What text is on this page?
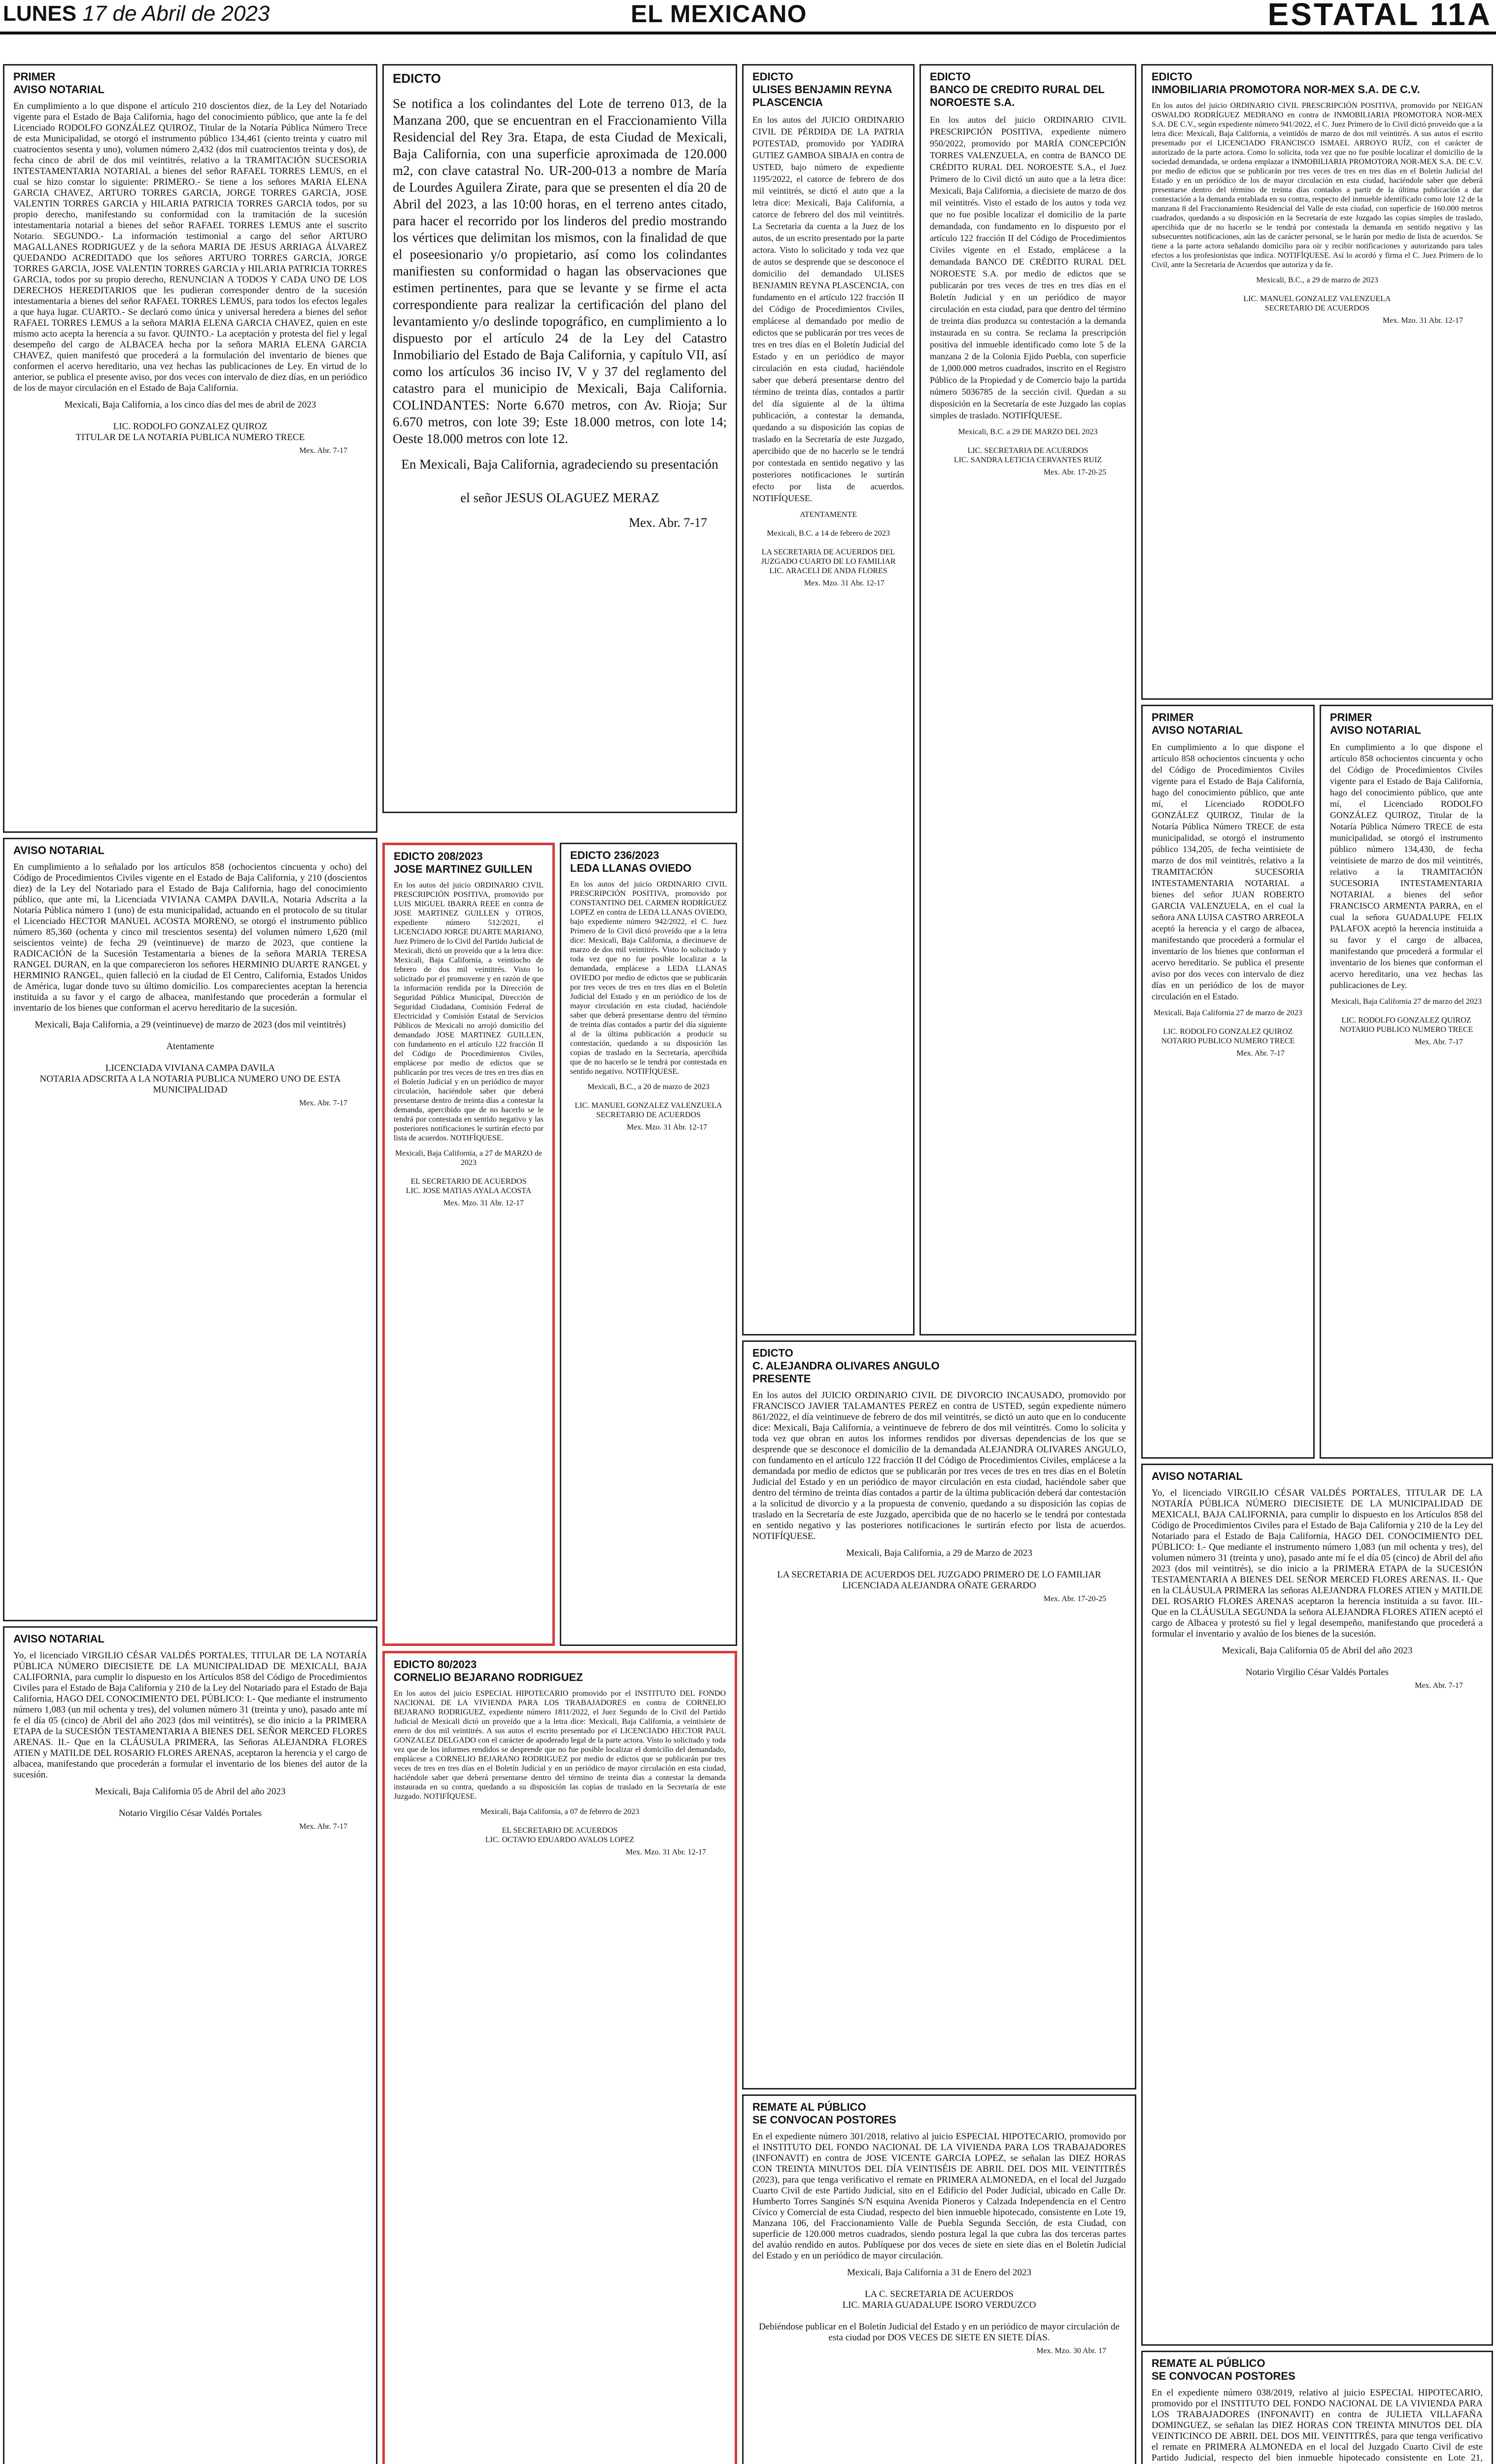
LUNES 17 de Abril de 2023	EL MEXICANO	ESTATAL 11A
PRIMER
AVISO NOTARIAL
En cumplimiento a lo que dispone el artículo 210 doscientos diez, de la Ley del Notariado vigente para el Estado de Baja California, hago del conocimiento público, que ante la fe del Licenciado RODOLFO GONZÁLEZ QUIROZ, Titular de la Notaría Pública Número Trece de esta Municipalidad, se otorgó el instrumento público 134,461 (ciento treinta y cuatro mil cuatrocientos sesenta y uno), volumen número 2,432 (dos mil cuatrocientos treinta y dos), de fecha cinco de abril de dos mil veintitrés, relativo a la TRAMITACIÓN SUCESORIA INTESTAMENTARIA NOTARIAL a bienes del señor RAFAEL TORRES LEMUS, en el cual se hizo constar lo siguiente: PRIMERO.- Se tiene a los señores MARIA ELENA GARCIA CHAVEZ, ARTURO TORRES GARCIA, JORGE TORRES GARCIA, JOSE VALENTIN TORRES GARCIA y HILARIA PATRICIA TORRES GARCIA todos, por su propio derecho, manifestando su conformidad con la tramitación de la sucesión intestamentaria notarial a bienes del señor RAFAEL TORRES LEMUS ante el suscrito Notario. SEGUNDO.- La información testimonial a cargo del señor ARTURO MAGALLANES RODRIGUEZ y de la señora MARIA DE JESUS ARRIAGA ÁLVAREZ QUEDANDO ACREDITADO que los señores ARTURO TORRES GARCIA, JORGE TORRES GARCIA, JOSE VALENTIN TORRES GARCIA y HILARIA PATRICIA TORRES GARCIA, todos por su propio derecho, RENUNCIAN A TODOS Y CADA UNO DE LOS DERECHOS HEREDITARIOS que les pudieran corresponder dentro de la sucesión intestamentaria a bienes del señor RAFAEL TORRES LEMUS, para todos los efectos legales a que haya lugar. CUARTO.- Se declaró como única y universal heredera a bienes del señor RAFAEL TORRES LEMUS a la señora MARIA ELENA GARCIA CHAVEZ, quien en este mismo acto acepta la herencia a su favor. QUINTO.- La aceptación y protesta del fiel y legal desempeño del cargo de ALBACEA hecha por la señora MARIA ELENA GARCIA CHAVEZ, quien manifestó que procederá a la formulación del inventario de bienes que conformen el acervo hereditario, una vez hechas las publicaciones de Ley. En virtud de lo anterior, se publica el presente aviso, por dos veces con intervalo de diez días, en un periódico de los de mayor circulación en el Estado de Baja California.
Mexicali, Baja California, a los cinco días del mes de abril de 2023

LIC. RODOLFO GONZALEZ QUIROZ
TITULAR DE LA NOTARIA PUBLICA NUMERO TRECE
Mex. Abr. 7-17
AVISO NOTARIAL
En cumplimiento a lo señalado por los artículos 858 (ochocientos cincuenta y ocho) del Código de Procedimientos Civiles vigente en el Estado de Baja California, y 210 (doscientos diez) de la Ley del Notariado para el Estado de Baja California, hago del conocimiento público, que ante mí, la Licenciada VIVIANA CAMPA DAVILA, Notaria Adscrita a la Notaría Pública número 1 (uno) de esta municipalidad, actuando en el protocolo de su titular el Licenciado HECTOR MANUEL ACOSTA MORENO, se otorgó el instrumento público número 85,360 (ochenta y cinco mil trescientos sesenta) del volumen número 1,620 (mil seiscientos veinte) de fecha 29 (veintinueve) de marzo de 2023, que contiene la RADICACIÓN de la Sucesión Testamentaria a bienes de la señora MARIA TERESA RANGEL DURAN, en la que comparecieron los señores HERMINIO DUARTE RANGEL y HERMINIO RANGEL, quien falleció en la ciudad de El Centro, California, Estados Unidos de América, lugar donde tuvo su último domicilio. Los comparecientes aceptan la herencia instituida a su favor y el cargo de albacea, manifestando que procederán a formular el inventario de los bienes que conforman el acervo hereditario de la sucesión.
Mexicali, Baja California, a 29 (veintinueve) de marzo de 2023 (dos mil veintitrés)

Atentamente

LICENCIADA VIVIANA CAMPA DAVILA
NOTARIA ADSCRITA A LA NOTARIA PUBLICA NUMERO UNO DE ESTA MUNICIPALIDAD
Mex. Abr. 7-17
AVISO NOTARIAL
Yo, el licenciado VIRGILIO CÉSAR VALDÉS PORTALES, TITULAR DE LA NOTARÍA PÚBLICA NÚMERO DIECISIETE DE LA MUNICIPALIDAD DE MEXICALI, BAJA CALIFORNIA, para cumplir lo dispuesto en los Artículos 858 del Código de Procedimientos Civiles para el Estado de Baja California y 210 de la Ley del Notariado para el Estado de Baja California, HAGO DEL CONOCIMIENTO DEL PÚBLICO: I.- Que mediante el instrumento número 1,083 (un mil ochenta y tres), del volumen número 31 (treinta y uno), pasado ante mí fe el día 05 (cinco) de Abril del año 2023 (dos mil veintitrés), se dio inicio a la PRIMERA ETAPA de la SUCESIÓN TESTAMENTARIA A BIENES DEL SEÑOR MERCED FLORES ARENAS. II.- Que en la CLÁUSULA PRIMERA, las Señoras ALEJANDRA FLORES ATIEN y MATILDE DEL ROSARIO FLORES ARENAS, aceptaron la herencia y el cargo de albacea, manifestando que procederán a formular el inventario de los bienes del autor de la sucesión.
Mexicali, Baja California 05 de Abril del año 2023

Notario Virgilio César Valdés Portales
Mex. Abr. 7-17
EDICTO
Se notifica a los colindantes del Lote de terreno 013, de la Manzana 200, que se encuentran en el Fraccionamiento Villa Residencial del Rey 3ra. Etapa, de esta Ciudad de Mexicali, Baja California, con una superficie aproximada de 120.000 m2, con clave catastral No. UR-200-013 a nombre de María de Lourdes Aguilera Zirate, para que se presenten el día 20 de Abril del 2023, a las 10:00 horas, en el terreno antes citado, para hacer el recorrido por los linderos del predio mostrando los vértices que delimitan los mismos, con la finalidad de que el poseesionario y/o propietario, así como los colindantes manifiesten su conformidad o hagan las observaciones que estimen pertinentes, para que se levante y se firme el acta correspondiente para realizar la certificación del plano del levantamiento y/o deslinde topográfico, en cumplimiento a lo dispuesto por el artículo 24 de la Ley del Catastro Inmobiliario del Estado de Baja California, y capítulo VII, así como los artículos 36 inciso IV, V y 37 del reglamento del catastro para el municipio de Mexicali, Baja California. COLINDANTES: Norte 6.670 metros, con Av. Rioja; Sur 6.670 metros, con lote 39; Este 18.000 metros, con lote 14; Oeste 18.000 metros con lote 12.
En Mexicali, Baja California, agradeciendo su presentación

el señor JESUS OLAGUEZ MERAZ
Mex. Abr. 7-17
EDICTO 208/2023
JOSE MARTINEZ GUILLEN
En los autos del juicio ORDINARIO CIVIL PRESCRIPCIÓN POSITIVA, promovido por LUIS MIGUEL IBARRA REEE en contra de JOSE MARTINEZ GUILLEN y OTROS, expediente número 512/2021, el LICENCIADO JORGE DUARTE MARIANO, Juez Primero de lo Civil del Partido Judicial de Mexicali, dictó un proveído que a la letra dice: Mexicali, Baja California, a veintiocho de febrero de dos mil veintitrés. Visto lo solicitado por el promovente y en razón de que la información rendida por la Dirección de Seguridad Pública Municipal, Dirección de Seguridad Ciudadana, Comisión Federal de Electricidad y Comisión Estatal de Servicios Públicos de Mexicali no arrojó domicilio del demandado JOSE MARTINEZ GUILLEN, con fundamento en el artículo 122 fracción II del Código de Procedimientos Civiles, emplácese por medio de edictos que se publicarán por tres veces de tres en tres días en el Boletín Judicial y en un periódico de mayor circulación, haciéndole saber que deberá presentarse dentro de treinta días a contestar la demanda, apercibido que de no hacerlo se le tendrá por contestada en sentido negativo y las posteriores notificaciones le surtirán efecto por lista de acuerdos. NOTIFÍQUESE.
Mexicali, Baja California, a 27 de MARZO de 2023

EL SECRETARIO DE ACUERDOS
LIC. JOSE MATIAS AYALA ACOSTA
Mex. Mzo. 31 Abr. 12-17
EDICTO 236/2023
LEDA LLANAS OVIEDO
En los autos del juicio ORDINARIO CIVIL PRESCRIPCIÓN POSITIVA, promovido por CONSTANTINO DEL CARMEN RODRÍGUEZ LOPEZ en contra de LEDA LLANAS OVIEDO, bajo expediente número 942/2022, el C. Juez Primero de lo Civil dictó proveído que a la letra dice: Mexicali, Baja California, a diecinueve de marzo de dos mil veintitrés. Visto lo solicitado y toda vez que no fue posible localizar a la demandada, emplácese a LEDA LLANAS OVIEDO por medio de edictos que se publicarán por tres veces de tres en tres días en el Boletín Judicial del Estado y en un periódico de los de mayor circulación en esta ciudad, haciéndole saber que deberá presentarse dentro del término de treinta días contados a partir del día siguiente al de la última publicación a producir su contestación, quedando a su disposición las copias de traslado en la Secretaría, apercibida que de no hacerlo se le tendrá por contestada en sentido negativo. NOTIFÍQUESE.
Mexicali, B.C., a 20 de marzo de 2023

LIC. MANUEL GONZALEZ VALENZUELA
SECRETARIO DE ACUERDOS
Mex. Mzo. 31 Abr. 12-17
EDICTO 80/2023
CORNELIO BEJARANO RODRIGUEZ
En los autos del juicio ESPECIAL HIPOTECARIO promovido por el INSTITUTO DEL FONDO NACIONAL DE LA VIVIENDA PARA LOS TRABAJADORES en contra de CORNELIO BEJARANO RODRIGUEZ, expediente número 1811/2022, el Juez Segundo de lo Civil del Partido Judicial de Mexicali dictó un proveído que a la letra dice: Mexicali, Baja California, a veintisiete de enero de dos mil veintitrés. A sus autos el escrito presentado por el LICENCIADO HECTOR PAUL GONZALEZ DELGADO con el carácter de apoderado legal de la parte actora. Visto lo solicitado y toda vez que de los informes rendidos se desprende que no fue posible localizar el domicilio del demandado, emplácese a CORNELIO BEJARANO RODRIGUEZ por medio de edictos que se publicarán por tres veces de tres en tres días en el Boletín Judicial y en un periódico de mayor circulación en esta ciudad, haciéndole saber que deberá presentarse dentro del término de treinta días a contestar la demanda instaurada en su contra, quedando a su disposición las copias de traslado en la Secretaría de este Juzgado. NOTIFÍQUESE.
Mexicali, Baja California, a 07 de febrero de 2023

EL SECRETARIO DE ACUERDOS
LIC. OCTAVIO EDUARDO AVALOS LOPEZ
Mex. Mzo. 31 Abr. 12-17
EDICTO
ULISES BENJAMIN REYNA PLASCENCIA
En los autos del JUICIO ORDINARIO CIVIL DE PÉRDIDA DE LA PATRIA POTESTAD, promovido por YADIRA GUTIEZ GAMBOA SIBAJA en contra de USTED, bajo número de expediente 1195/2022, el catorce de febrero de dos mil veintitrés, se dictó el auto que a la letra dice: Mexicali, Baja California, a catorce de febrero del dos mil veintitrés. La Secretaria da cuenta a la Juez de los autos, de un escrito presentado por la parte actora. Visto lo solicitado y toda vez que de autos se desprende que se desconoce el domicilio del demandado ULISES BENJAMIN REYNA PLASCENCIA, con fundamento en el artículo 122 fracción II del Código de Procedimientos Civiles, emplácese al demandado por medio de edictos que se publicarán por tres veces de tres en tres días en el Boletín Judicial del Estado y en un periódico de mayor circulación en esta ciudad, haciéndole saber que deberá presentarse dentro del término de treinta días, contados a partir del día siguiente al de la última publicación, a contestar la demanda, quedando a su disposición las copias de traslado en la Secretaría de este Juzgado, apercibido que de no hacerlo se le tendrá por contestada en sentido negativo y las posteriores notificaciones le surtirán efecto por lista de acuerdos. NOTIFÍQUESE.
ATENTAMENTE

Mexicali, B.C. a 14 de febrero de 2023

LA SECRETARIA DE ACUERDOS DEL JUZGADO CUARTO DE LO FAMILIAR
LIC. ARACELI DE ANDA FLORES
Mex. Mzo. 31 Abr. 12-17
EDICTO
BANCO DE CREDITO RURAL DEL NOROESTE S.A.
En los autos del juicio ORDINARIO CIVIL PRESCRIPCIÓN POSITIVA, expediente número 950/2022, promovido por MARÍA CONCEPCIÓN TORRES VALENZUELA, en contra de BANCO DE CRÉDITO RURAL DEL NOROESTE S.A., el Juez Primero de lo Civil dictó un auto que a la letra dice: Mexicali, Baja California, a diecisiete de marzo de dos mil veintitrés. Visto el estado de los autos y toda vez que no fue posible localizar el domicilio de la parte demandada, con fundamento en lo dispuesto por el artículo 122 fracción II del Código de Procedimientos Civiles vigente en el Estado, emplácese a la demandada BANCO DE CRÉDITO RURAL DEL NOROESTE S.A. por medio de edictos que se publicarán por tres veces de tres en tres días en el Boletín Judicial y en un periódico de mayor circulación en esta ciudad, para que dentro del término de treinta días produzca su contestación a la demanda instaurada en su contra. Se reclama la prescripción positiva del inmueble identificado como lote 5 de la manzana 2 de la Colonia Ejido Puebla, con superficie de 1,000.000 metros cuadrados, inscrito en el Registro Público de la Propiedad y de Comercio bajo la partida número 5036785 de la sección civil. Quedan a su disposición en la Secretaría de este Juzgado las copias simples de traslado. NOTIFÍQUESE.
Mexicali, B.C. a 29 DE MARZO DEL 2023

LIC. SECRETARIA DE ACUERDOS
LIC. SANDRA LETICIA CERVANTES RUIZ
Mex. Abr. 17-20-25
EDICTO
C. ALEJANDRA OLIVARES ANGULO
PRESENTE
En los autos del JUICIO ORDINARIO CIVIL DE DIVORCIO INCAUSADO, promovido por FRANCISCO JAVIER TALAMANTES PEREZ en contra de USTED, según expediente número 861/2022, el día veintinueve de febrero de dos mil veintitrés, se dictó un auto que en lo conducente dice: Mexicali, Baja California, a veintinueve de febrero de dos mil veintitrés. Como lo solicita y toda vez que obran en autos los informes rendidos por diversas dependencias de los que se desprende que se desconoce el domicilio de la demandada ALEJANDRA OLIVARES ANGULO, con fundamento en el artículo 122 fracción II del Código de Procedimientos Civiles, emplácese a la demandada por medio de edictos que se publicarán por tres veces de tres en tres días en el Boletín Judicial del Estado y en un periódico de mayor circulación en esta ciudad, haciéndole saber que dentro del término de treinta días contados a partir de la última publicación deberá dar contestación a la solicitud de divorcio y a la propuesta de convenio, quedando a su disposición las copias de traslado en la Secretaría de este Juzgado, apercibida que de no hacerlo se le tendrá por contestada en sentido negativo y las posteriores notificaciones le surtirán efecto por lista de acuerdos. NOTIFÍQUESE.
Mexicali, Baja California, a 29 de Marzo de 2023

LA SECRETARIA DE ACUERDOS DEL JUZGADO PRIMERO DE LO FAMILIAR
LICENCIADA ALEJANDRA OÑATE GERARDO
Mex. Abr. 17-20-25
REMATE AL PÚBLICO
SE CONVOCAN POSTORES
En el expediente número 301/2018, relativo al juicio ESPECIAL HIPOTECARIO, promovido por el INSTITUTO DEL FONDO NACIONAL DE LA VIVIENDA PARA LOS TRABAJADORES (INFONAVIT) en contra de JOSE VICENTE GARCIA LOPEZ, se señalan las DIEZ HORAS CON TREINTA MINUTOS DEL DÍA VEINTISÉIS DE ABRIL DEL DOS MIL VEINTITRÉS (2023), para que tenga verificativo el remate en PRIMERA ALMONEDA, en el local del Juzgado Cuarto Civil de este Partido Judicial, sito en el Edificio del Poder Judicial, ubicado en Calle Dr. Humberto Torres Sanginés S/N esquina Avenida Pioneros y Calzada Independencia en el Centro Cívico y Comercial de esta Ciudad, respecto del bien inmueble hipotecado, consistente en Lote 19, Manzana 106, del Fraccionamiento Valle de Puebla Segunda Sección, de esta Ciudad, con superficie de 120.000 metros cuadrados, siendo postura legal la que cubra las dos terceras partes del avalúo rendido en autos. Publíquese por dos veces de siete en siete días en el Boletín Judicial del Estado y en un periódico de mayor circulación.
Mexicali, Baja California a 31 de Enero del 2023

LA C. SECRETARIA DE ACUERDOS
LIC. MARIA GUADALUPE ISORO VERDUZCO

Debiéndose publicar en el Boletín Judicial del Estado y en un periódico de mayor circulación de esta ciudad por DOS VECES DE SIETE EN SIETE DÍAS.
Mex. Mzo. 30 Abr. 17
EDICTO
INMOBILIARIA PROMOTORA NOR-MEX S.A. DE C.V.
En los autos del juicio ORDINARIO CIVIL PRESCRIPCIÓN POSITIVA, promovido por NEIGAN OSWALDO RODRÍGUEZ MEDRANO en contra de INMOBILIARIA PROMOTORA NOR-MEX S.A. DE C.V., según expediente número 941/2022, el C. Juez Primero de lo Civil dictó proveído que a la letra dice: Mexicali, Baja California, a veintidós de marzo de dos mil veintitrés. A sus autos el escrito presentado por el LICENCIADO FRANCISCO ISMAEL ARROYO RUÍZ, con el carácter de autorizado de la parte actora. Como lo solicita, toda vez que no fue posible localizar el domicilio de la sociedad demandada, se ordena emplazar a INMOBILIARIA PROMOTORA NOR-MEX S.A. DE C.V. por medio de edictos que se publicarán por tres veces de tres en tres días en el Boletín Judicial del Estado y en un periódico de los de mayor circulación en esta ciudad, haciéndole saber que deberá presentarse dentro del término de treinta días contados a partir de la última publicación a dar contestación a la demanda entablada en su contra, respecto del inmueble identificado como lote 12 de la manzana 8 del Fraccionamiento Residencial del Valle de esta ciudad, con superficie de 160.000 metros cuadrados, quedando a su disposición en la Secretaría de este Juzgado las copias simples de traslado, apercibida que de no hacerlo se le tendrá por contestada la demanda en sentido negativo y las subsecuentes notificaciones, aún las de carácter personal, se le harán por medio de lista de acuerdos. Se tiene a la parte actora señalando domicilio para oír y recibir notificaciones y autorizando para tales efectos a los profesionistas que indica. NOTIFÍQUESE. Así lo acordó y firma el C. Juez Primero de lo Civil, ante la Secretaria de Acuerdos que autoriza y da fe.
Mexicali, B.C., a 29 de marzo de 2023

LIC. MANUEL GONZALEZ VALENZUELA
SECRETARIO DE ACUERDOS
Mex. Mzo. 31 Abr. 12-17
PRIMER
AVISO NOTARIAL
En cumplimiento a lo que dispone el artículo 858 ochocientos cincuenta y ocho del Código de Procedimientos Civiles vigente para el Estado de Baja California, hago del conocimiento público, que ante mí, el Licenciado RODOLFO GONZÁLEZ QUIROZ, Titular de la Notaría Pública Número TRECE de esta municipalidad, se otorgó el instrumento público 134,205, de fecha veintisiete de marzo de dos mil veintitrés, relativo a la TRAMITACIÓN SUCESORIA INTESTAMENTARIA NOTARIAL a bienes del señor JUAN ROBERTO GARCIA VALENZUELA, en el cual la señora ANA LUISA CASTRO ARREOLA aceptó la herencia y el cargo de albacea, manifestando que procederá a formular el inventario de los bienes que conforman el acervo hereditario. Se publica el presente aviso por dos veces con intervalo de diez días en un periódico de los de mayor circulación en el Estado.
Mexicali, Baja California 27 de marzo de 2023

LIC. RODOLFO GONZALEZ QUIROZ
NOTARIO PUBLICO NUMERO TRECE
Mex. Abr. 7-17
PRIMER
AVISO NOTARIAL
En cumplimiento a lo que dispone el artículo 858 ochocientos cincuenta y ocho del Código de Procedimientos Civiles vigente para el Estado de Baja California, hago del conocimiento público, que ante mí, el Licenciado RODOLFO GONZÁLEZ QUIROZ, Titular de la Notaría Pública Número TRECE de esta municipalidad, se otorgó el instrumento público número 134,430, de fecha veintisiete de marzo de dos mil veintitrés, relativo a la TRAMITACIÓN SUCESORIA INTESTAMENTARIA NOTARIAL a bienes del señor FRANCISCO ARMENTA PARRA, en el cual la señora GUADALUPE FELIX PALAFOX aceptó la herencia instituida a su favor y el cargo de albacea, manifestando que procederá a formular el inventario de los bienes que conforman el acervo hereditario, una vez hechas las publicaciones de Ley.
Mexicali, Baja California 27 de marzo del 2023

LIC. RODOLFO GONZALEZ QUIROZ
NOTARIO PUBLICO NUMERO TRECE
Mex. Abr. 7-17
AVISO NOTARIAL
Yo, el licenciado VIRGILIO CÉSAR VALDÉS PORTALES, TITULAR DE LA NOTARÍA PÚBLICA NÚMERO DIECISIETE DE LA MUNICIPALIDAD DE MEXICALI, BAJA CALIFORNIA, para cumplir lo dispuesto en los Artículos 858 del Código de Procedimientos Civiles para el Estado de Baja California y 210 de la Ley del Notariado para el Estado de Baja California, HAGO DEL CONOCIMIENTO DEL PÚBLICO: I.- Que mediante el instrumento número 1,083 (un mil ochenta y tres), del volumen número 31 (treinta y uno), pasado ante mí fe el día 05 (cinco) de Abril del año 2023 (dos mil veintitrés), se dio inicio a la PRIMERA ETAPA de la SUCESIÓN TESTAMENTARIA A BIENES DEL SEÑOR MERCED FLORES ARENAS. II.- Que en la CLÁUSULA PRIMERA las señoras ALEJANDRA FLORES ATIEN y MATILDE DEL ROSARIO FLORES ARENAS aceptaron la herencia instituida a su favor. III.- Que en la CLÁUSULA SEGUNDA la señora ALEJANDRA FLORES ATIEN aceptó el cargo de Albacea y protestó su fiel y legal desempeño, manifestando que procederá a formular el inventario y avalúo de los bienes de la sucesión.
Mexicali, Baja California 05 de Abril del año 2023

Notario Virgilio César Valdés Portales
Mex. Abr. 7-17
REMATE AL PÚBLICO
SE CONVOCAN POSTORES
En el expediente número 038/2019, relativo al juicio ESPECIAL HIPOTECARIO, promovido por el INSTITUTO DEL FONDO NACIONAL DE LA VIVIENDA PARA LOS TRABAJADORES (INFONAVIT) en contra de JULIETA VILLAFAÑA DOMINGUEZ, se señalan las DIEZ HORAS CON TREINTA MINUTOS DEL DÍA VEINTICINCO DE ABRIL DEL DOS MIL VEINTITRÉS, para que tenga verificativo el remate en PRIMERA ALMONEDA en el local del Juzgado Cuarto Civil de este Partido Judicial, respecto del bien inmueble hipotecado consistente en Lote 21,
